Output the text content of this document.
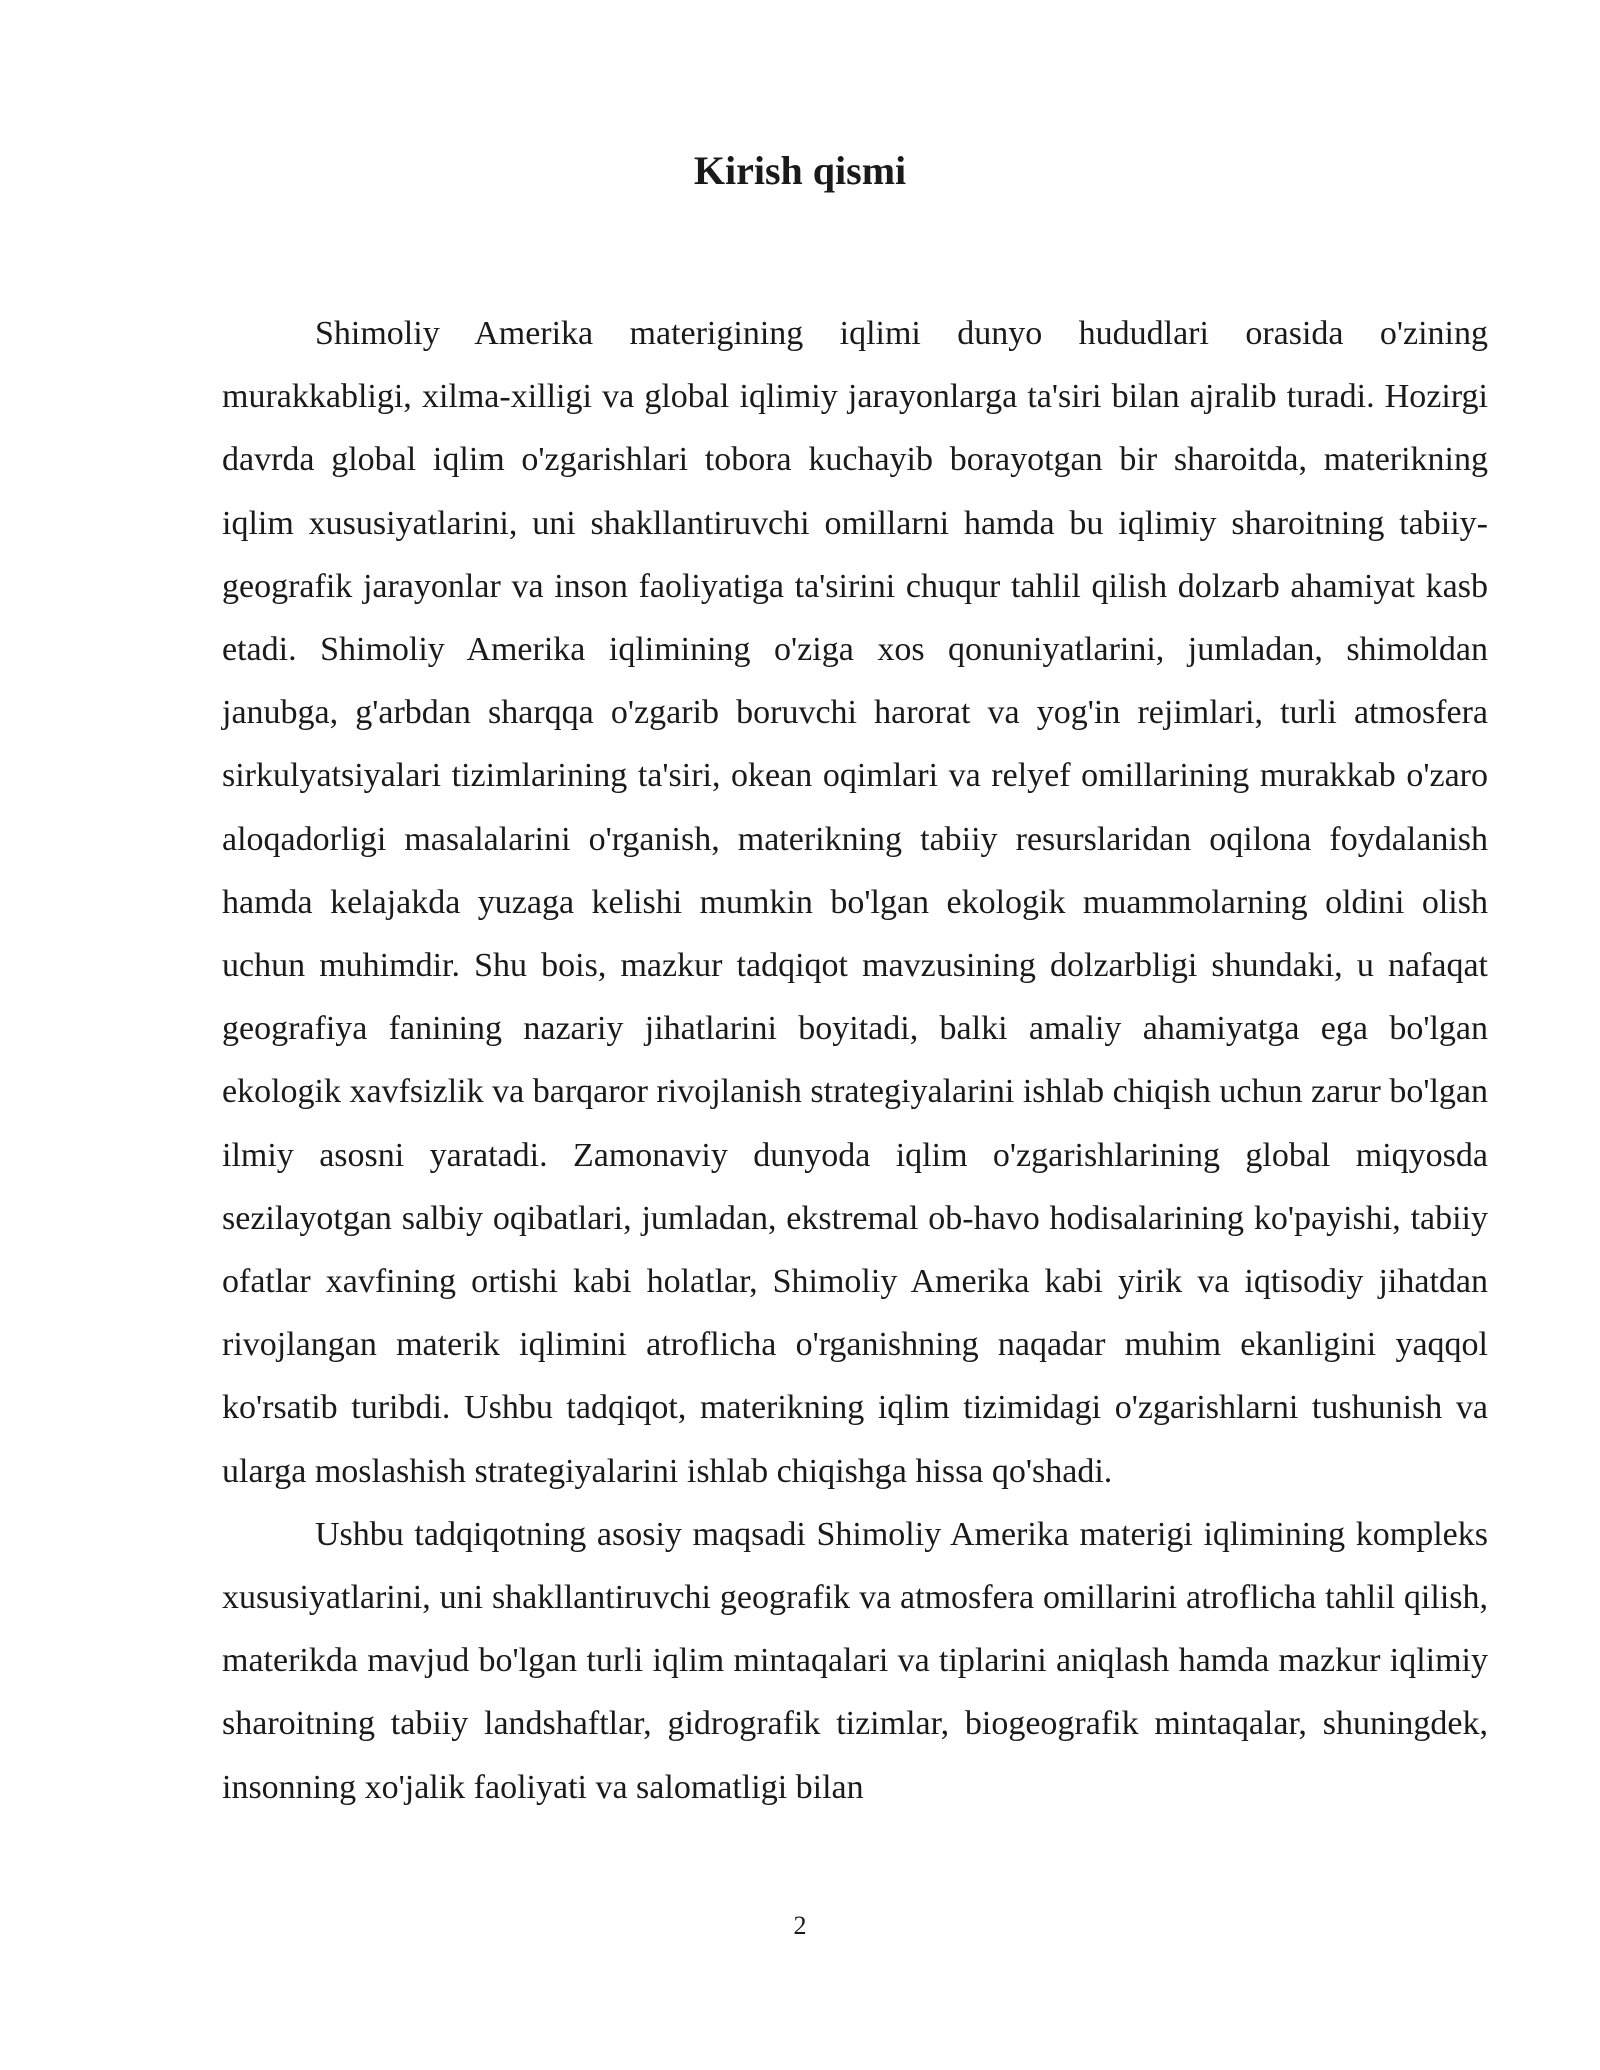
Kirish qismi

Shimoliy Amerika materigining iqlimi dunyo hududlari orasida o'zining murakkabligi, xilma-xilligi va global iqlimiy jarayonlarga ta'siri bilan ajralib turadi. Hozirgi davrda global iqlim o'zgarishlari tobora kuchayib borayotgan bir sharoitda, materikning iqlim xususiyatlarini, uni shakllantiruvchi omillarni hamda bu iqlimiy sharoitning tabiiy-geografik jarayonlar va inson faoliyatiga ta'sirini chuqur tahlil qilish dolzarb ahamiyat kasb etadi. Shimoliy Amerika iqlimining o'ziga xos qonuniyatlarini, jumladan, shimoldan janubga, g'arbdan sharqqa o'zgarib boruvchi harorat va yog'in rejimlari, turli atmosfera sirkulyatsiyalari tizimlarining ta'siri, okean oqimlari va relyef omillarining murakkab o'zaro aloqadorligi masalalarini o'rganish, materikning tabiiy resurslaridan oqilona foydalanish hamda kelajakda yuzaga kelishi mumkin bo'lgan ekologik muammolarning oldini olish uchun muhimdir. Shu bois, mazkur tadqiqot mavzusining dolzarbligi shundaki, u nafaqat geografiya fanining nazariy jihatlarini boyitadi, balki amaliy ahamiyatga ega bo'lgan ekologik xavfsizlik va barqaror rivojlanish strategiyalarini ishlab chiqish uchun zarur bo'lgan ilmiy asosni yaratadi. Zamonaviy dunyoda iqlim o'zgarishlarining global miqyosda sezilayotgan salbiy oqibatlari, jumladan, ekstremal ob-havo hodisalarining ko'payishi, tabiiy ofatlar xavfining ortishi kabi holatlar, Shimoliy Amerika kabi yirik va iqtisodiy jihatdan rivojlangan materik iqlimini atroflicha o'rganishning naqadar muhim ekanligini yaqqol ko'rsatib turibdi. Ushbu tadqiqot, materikning iqlim tizimidagi o'zgarishlarni tushunish va ularga moslashish strategiyalarini ishlab chiqishga hissa qo'shadi.

Ushbu tadqiqotning asosiy maqsadi Shimoliy Amerika materigi iqlimining kompleks xususiyatlarini, uni shakllantiruvchi geografik va atmosfera omillarini atroflicha tahlil qilish, materikda mavjud bo'lgan turli iqlim mintaqalari va tiplarini aniqlash hamda mazkur iqlimiy sharoitning tabiiy landshaftlar, gidrografik tizimlar, biogeografik mintaqalar, shuningdek, insonning xo'jalik faoliyati va salomatligi bilan

2
